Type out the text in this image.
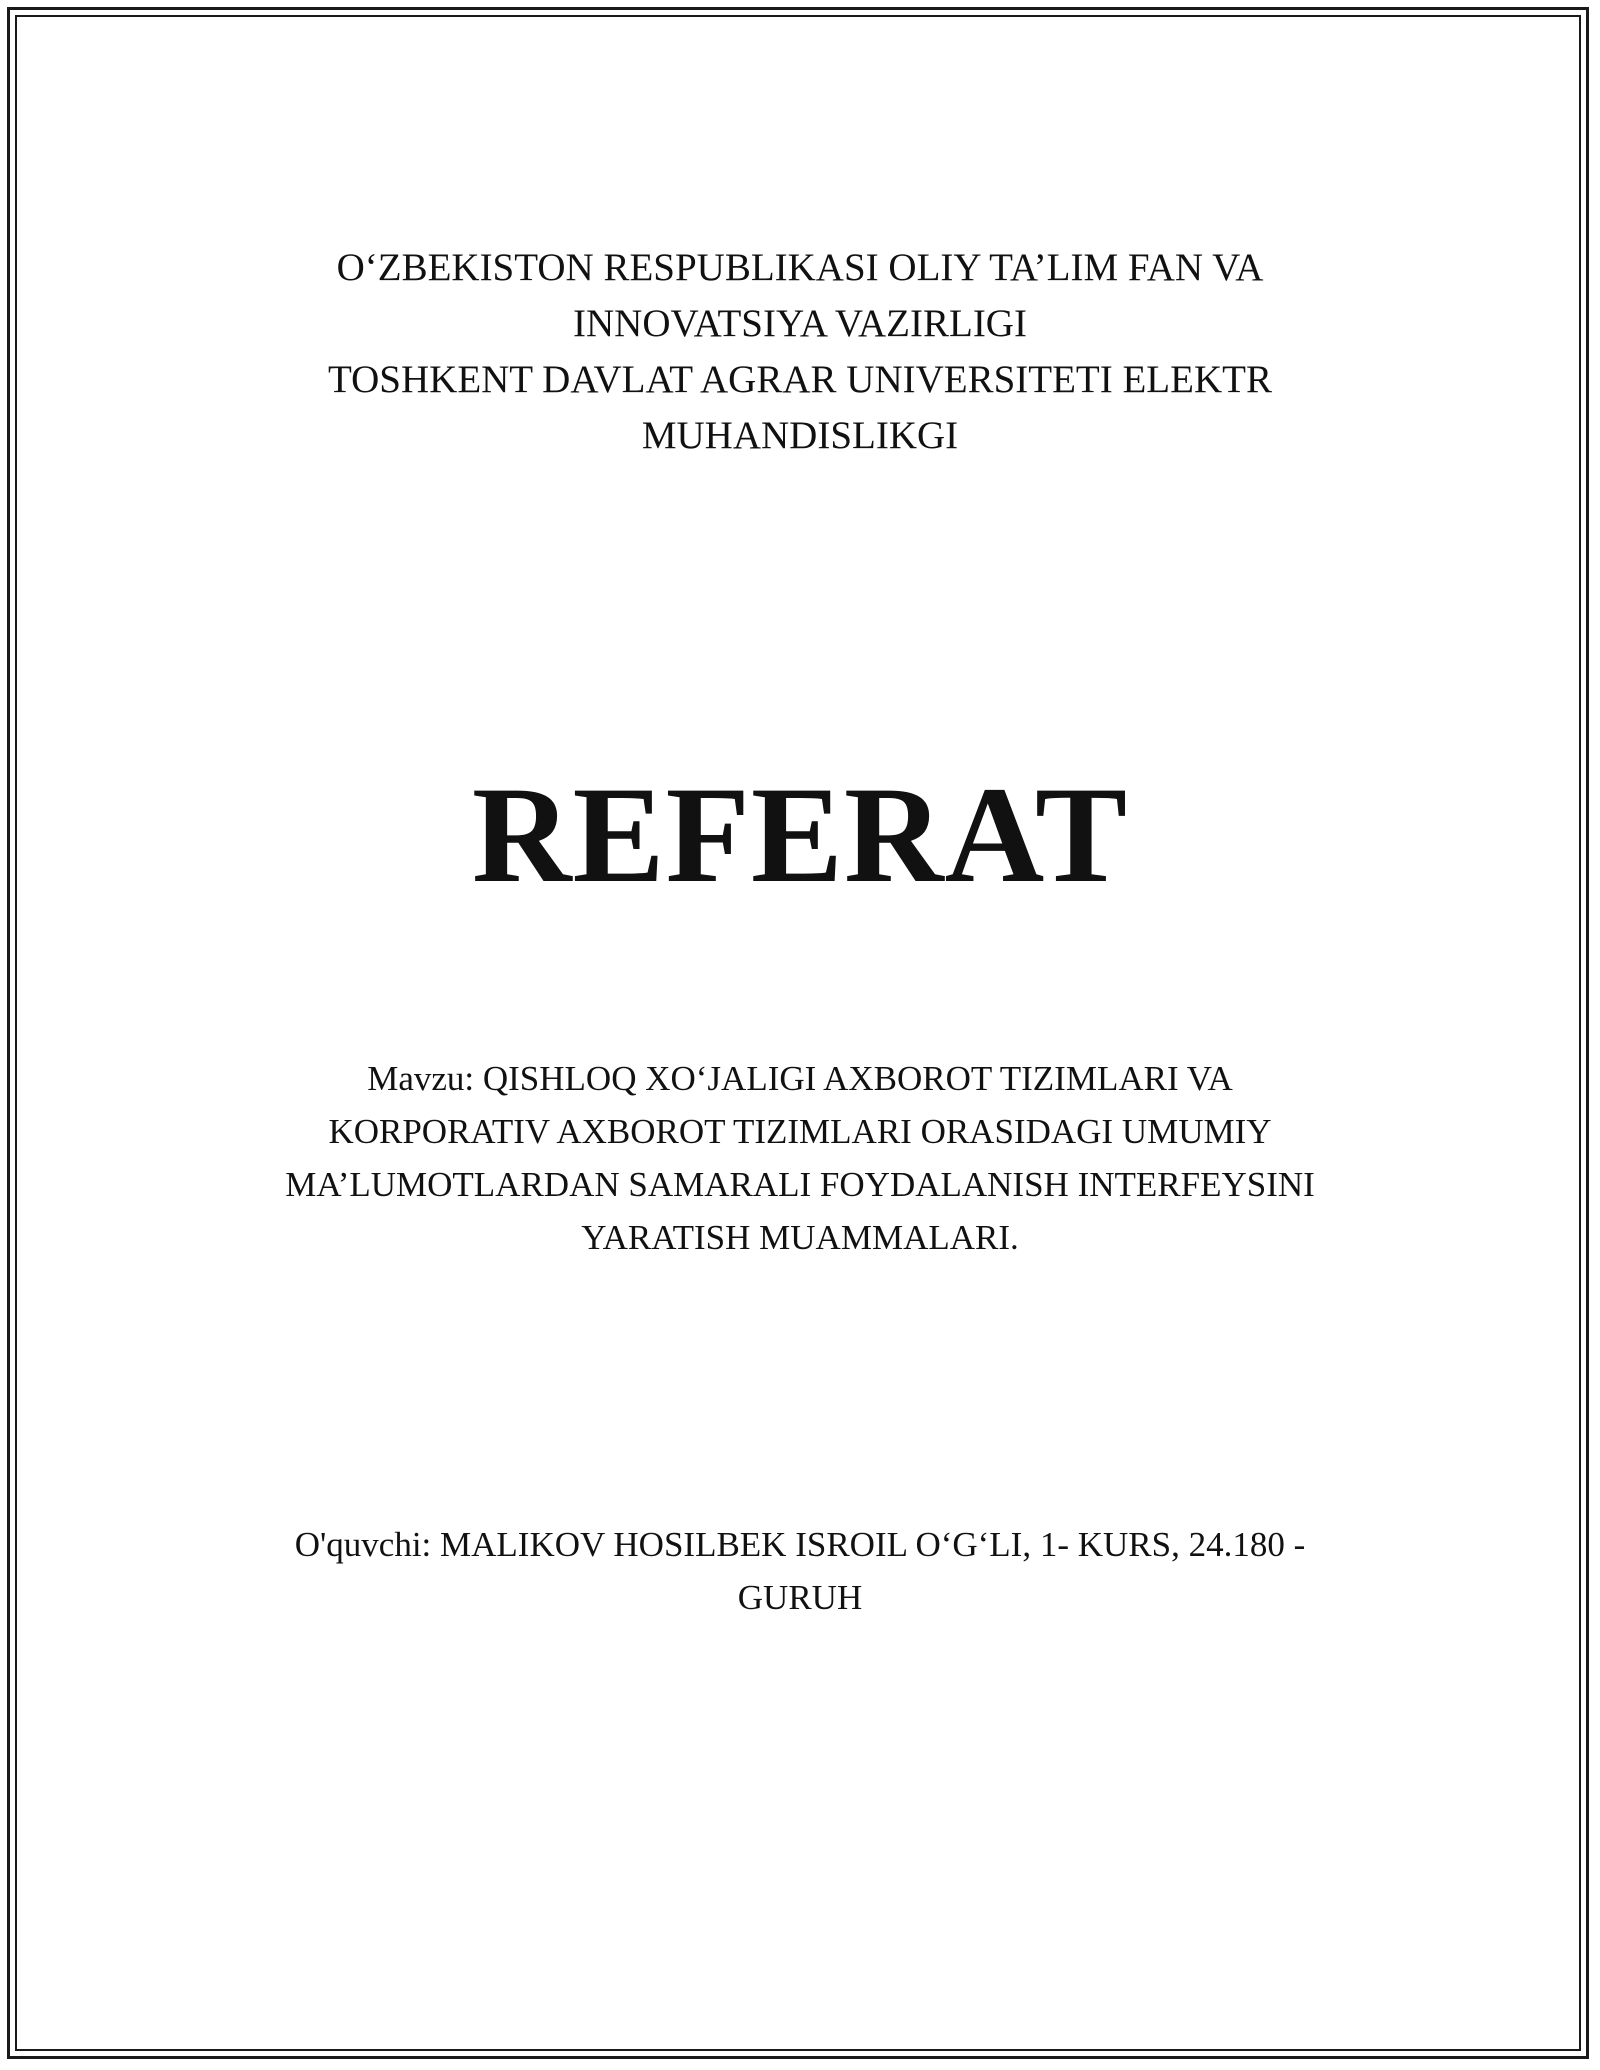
O‘ZBEKISTON RESPUBLIKASI OLIY TA’LIM FAN VA
INNOVATSIYA VAZIRLIGI
TOSHKENT DAVLAT AGRAR UNIVERSITETI ELEKTR
MUHANDISLIKGI
REFERAT
Mavzu: QISHLOQ XO‘JALIGI AXBOROT TIZIMLARI VA
KORPORATIV AXBOROT TIZIMLARI ORASIDAGI UMUMIY
MA’LUMOTLARDAN SAMARALI FOYDALANISH INTERFEYSINI
YARATISH MUAMMALARI.
O'quvchi: MALIKOV HOSILBEK ISROIL O‘G‘LI, 1- KURS, 24.180 -
GURUH
